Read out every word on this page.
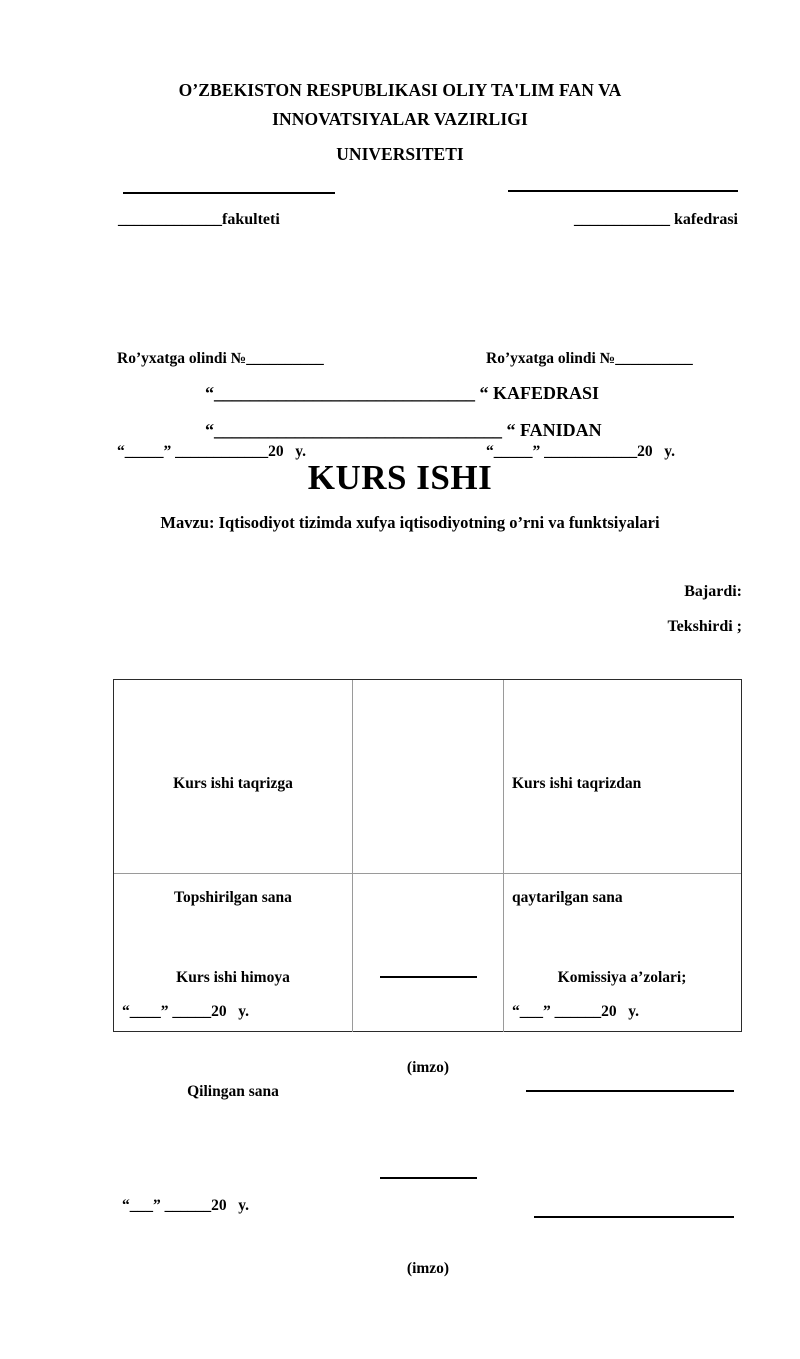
O’ZBEKISTON RESPUBLIKASI OLIY TA'LIM FAN VA INNOVATSIYALAR VAZIRLIGI
UNIVERSITETI
_____________fakulteti	____________ kafedrasi

Ro’yxatga olindi №__________

“_____” ____________20   y.

Ro’yxatga olindi №__________

“_____” ____________20   y.

“_____________________________ “ KAFEDRASI
“________________________________ “ FANIDAN
KURS ISHI
Mavzu: Iqtisodiyot tizimda xufya iqtisodiyotning o’rni va funktsiyalari
Bajardi:
Tekshirdi ;

Kurs ishi taqrizga

Topshirilgan sana

“____” _____20   y.

Kurs ishi taqrizdan

qaytarilgan sana

“___” ______20   y.

Kurs ishi himoya

Qilingan sana

“___” ______20   y.

(imzo)

(imzo)

Komissiya a’zolari;
